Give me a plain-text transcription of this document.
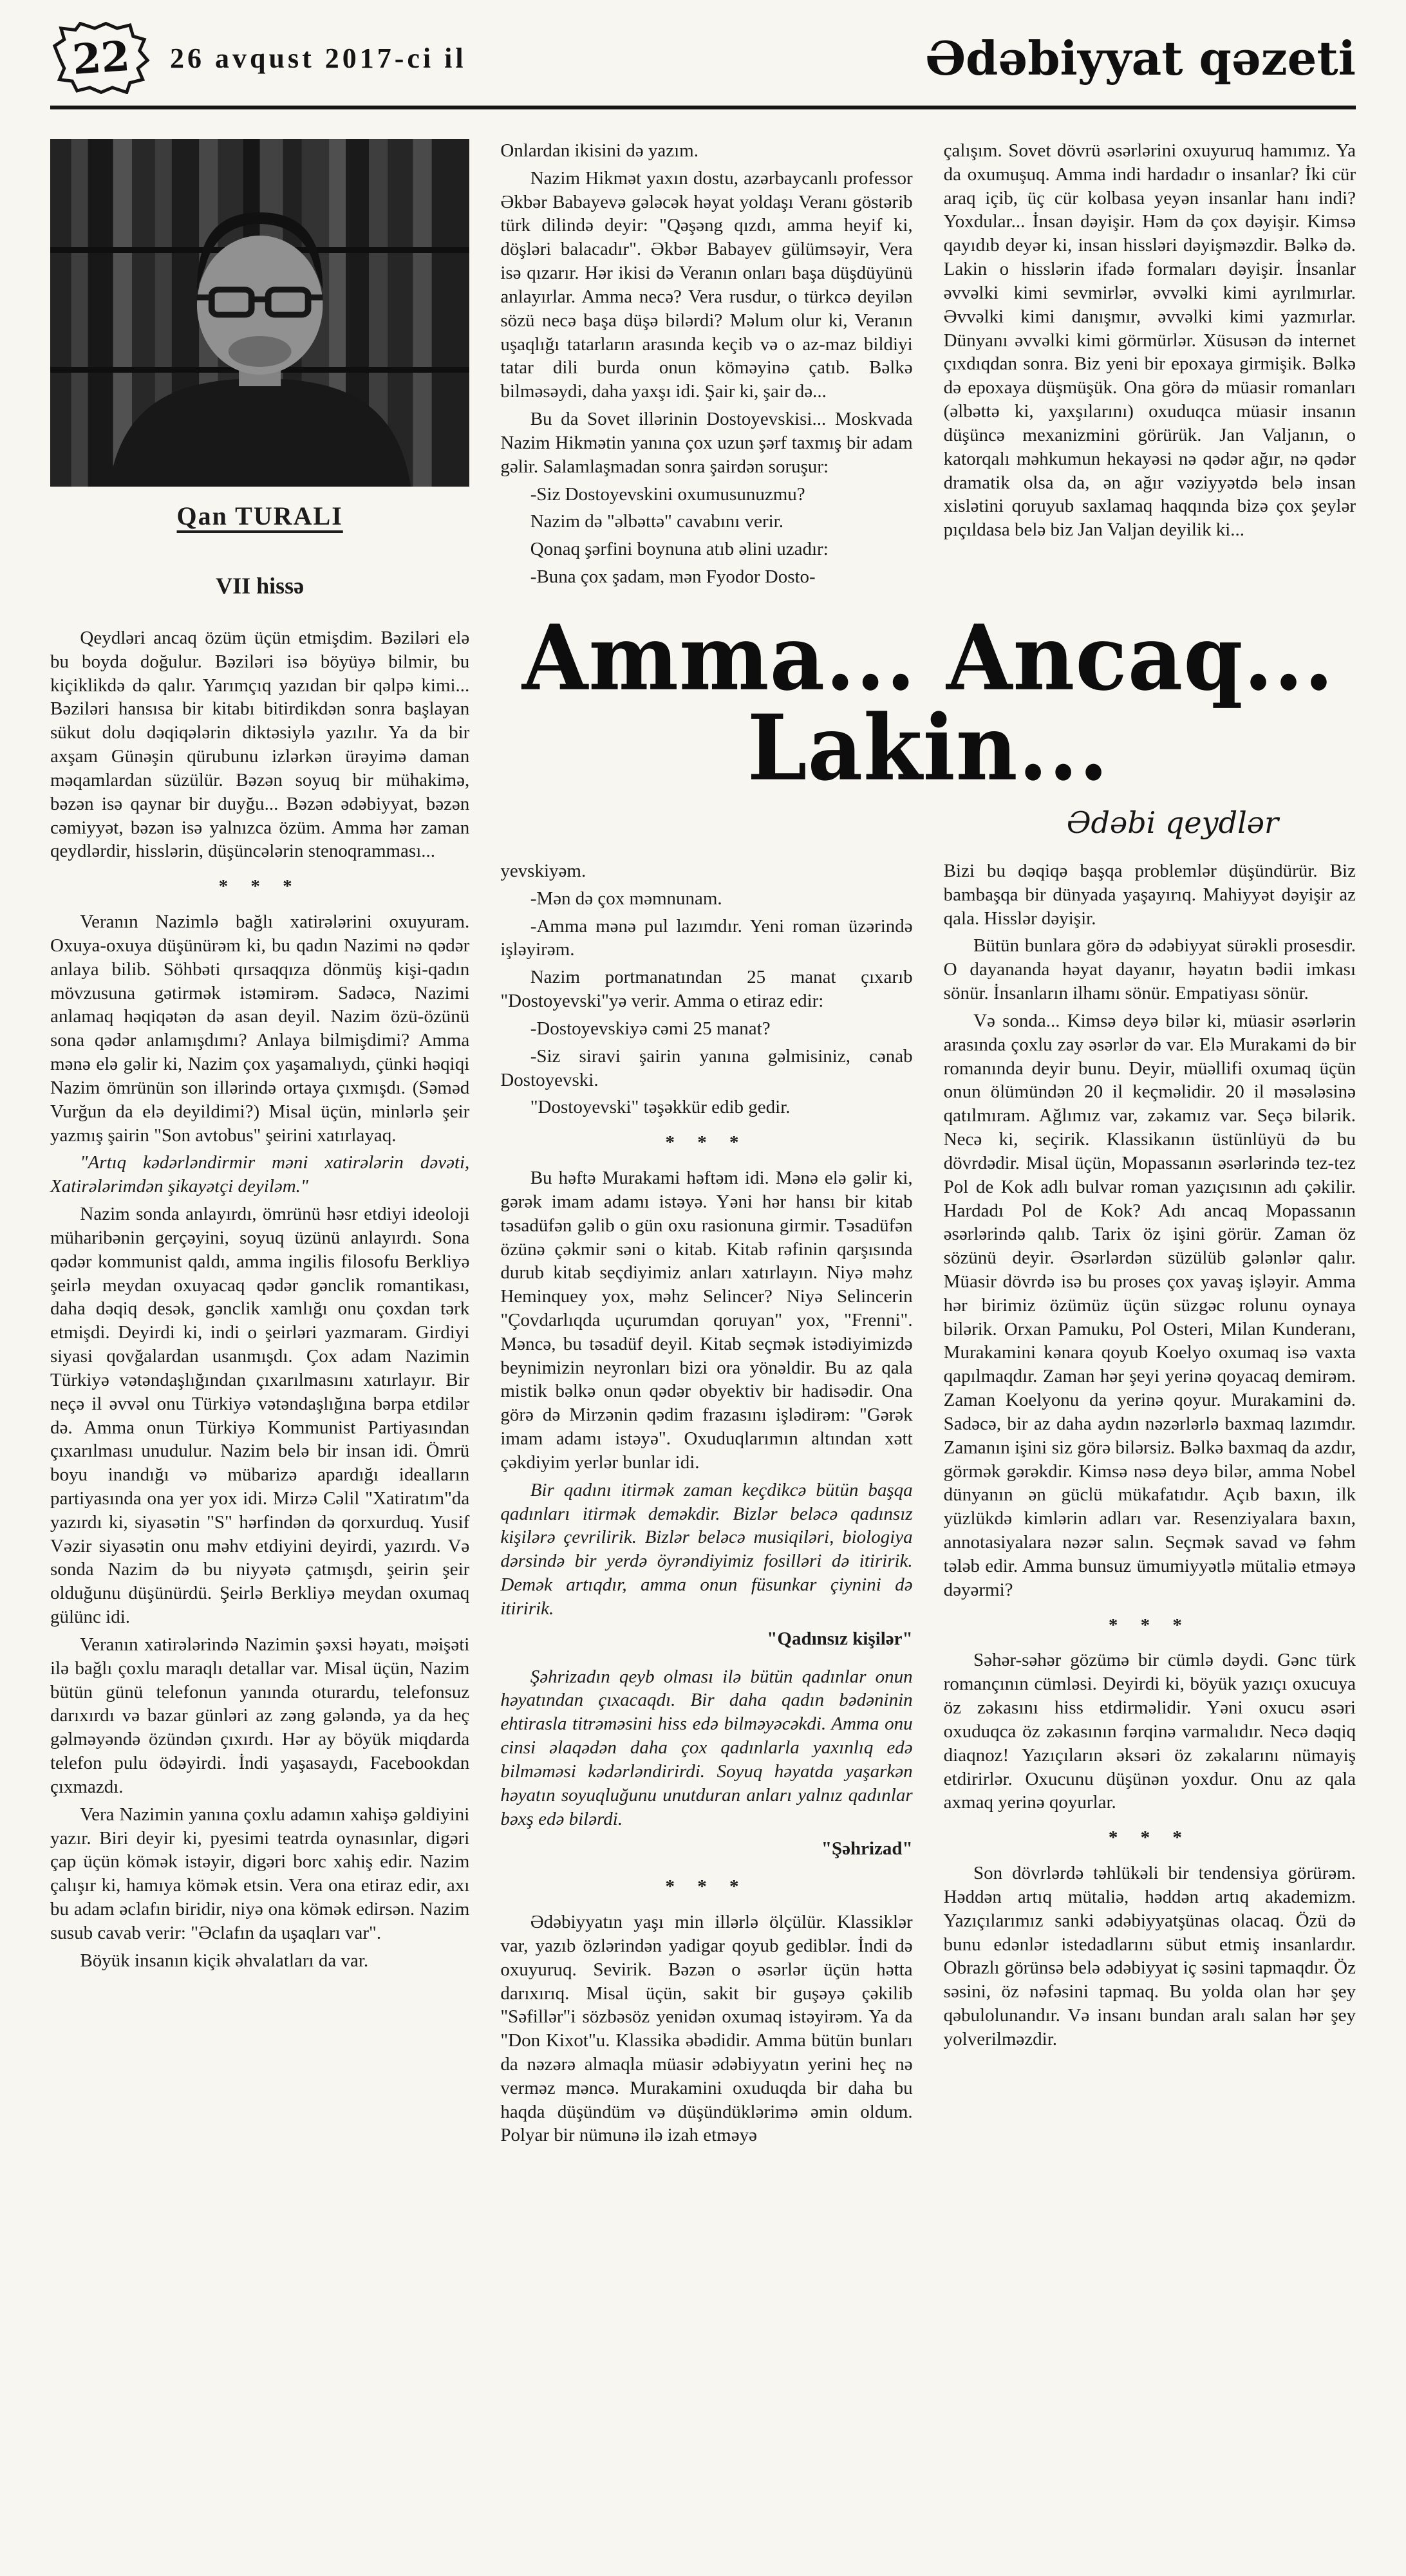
22	26 avqust 2017-ci il	Ədəbiyyat qəzeti
Qan TURALI
VII hissə

Qeydləri ancaq özüm üçün etmişdim. Bəziləri elə bu boyda doğulur. Bəziləri isə böyüyə bilmir, bu kiçiklikdə də qalır. Yarımçıq yazıdan bir qəlpə kimi... Bəziləri hansısa bir kitabı bitirdikdən sonra başlayan sükut dolu dəqiqələrin diktəsiylə yazılır. Ya da bir axşam Günəşin qürubunu izlərkən ürəyimə daman məqamlardan süzülür. Bəzən soyuq bir mühakimə, bəzən isə qaynar bir duyğu... Bəzən ədəbiyyat, bəzən cəmiyyət, bəzən isə yalnızca özüm. Amma hər zaman qeydlərdir, hisslərin, düşüncələrin stenoqramması...

* * *

Veranın Nazimlə bağlı xatirələrini oxuyuram. Oxuya-oxuya düşünürəm ki, bu qadın Nazimi nə qədər anlaya bilib. Söhbəti qırsaqqıza dönmüş kişi-qadın mövzusuna gətirmək istəmirəm. Sadəcə, Nazimi anlamaq həqiqətən də asan deyil. Nazim özü-özünü sona qədər anlamışdımı? Anlaya bilmişdimi? Amma mənə elə gəlir ki, Nazim çox yaşamalıydı, çünki həqiqi Nazim ömrünün son illərində ortaya çıxmışdı. (Səməd Vurğun da elə deyildimi?) Misal üçün, minlərlə şeir yazmış şairin "Son avtobus" şeirini xatırlayaq.

"Artıq kədərləndirmir məni xatirələrin dəvəti, Xatirələrimdən şikayətçi deyiləm."

Nazim sonda anlayırdı, ömrünü həsr etdiyi ideoloji müharibənin gerçəyini, soyuq üzünü anlayırdı. Sona qədər kommunist qaldı, amma ingilis filosofu Berkliyə şeirlə meydan oxuyacaq qədər gənclik romantikası, daha dəqiq desək, gənclik xamlığı onu çoxdan tərk etmişdi. Deyirdi ki, indi o şeirləri yazmaram. Girdiyi siyasi qovğalardan usanmışdı. Çox adam Nazimin Türkiyə vətəndaşlığından çıxarılmasını xatırlayır. Bir neçə il əvvəl onu Türkiyə vətəndaşlığına bərpa etdilər də. Amma onun Türkiyə Kommunist Partiyasından çıxarılması unudulur. Nazim belə bir insan idi. Ömrü boyu inandığı və mübarizə apardığı idealların partiyasında ona yer yox idi. Mirzə Cəlil "Xatiratım"da yazırdı ki, siyasətin "S" hərfindən də qorxurduq. Yusif Vəzir siyasətin onu məhv etdiyini deyirdi, yazırdı. Və sonda Nazim də bu niyyətə çatmışdı, şeirin şeir olduğunu düşünürdü. Şeirlə Berkliyə meydan oxumaq gülünc idi.

Veranın xatirələrində Nazimin şəxsi həyatı, məişəti ilə bağlı çoxlu maraqlı detallar var. Misal üçün, Nazim bütün günü telefonun yanında oturardu, telefonsuz darıxırdı və bazar günləri az zəng gələndə, ya da heç gəlməyəndə özündən çıxırdı. Hər ay böyük miqdarda telefon pulu ödəyirdi. İndi yaşasaydı, Facebookdan çıxmazdı.

Vera Nazimin yanına çoxlu adamın xahişə gəldiyini yazır. Biri deyir ki, pyesimi teatrda oynasınlar, digəri çap üçün kömək istəyir, digəri borc xahiş edir. Nazim çalışır ki, hamıya kömək etsin. Vera ona etiraz edir, axı bu adam əclafın biridir, niyə ona kömək edirsən. Nazim susub cavab verir: "Əclafın da uşaqları var".

Böyük insanın kiçik əhvalatları da var.

Onlardan ikisini də yazım.

Nazim Hikmət yaxın dostu, azərbaycanlı professor Əkbər Babayevə gələcək həyat yoldaşı Veranı göstərib türk dilində deyir: "Qəşəng qızdı, amma heyif ki, döşləri balacadır". Əkbər Babayev gülümsəyir, Vera isə qızarır. Hər ikisi də Veranın onları başa düşdüyünü anlayırlar. Amma necə? Vera rusdur, o türkcə deyilən sözü necə başa düşə bilərdi? Məlum olur ki, Veranın uşaqlığı tatarların arasında keçib və o az-maz bildiyi tatar dili burda onun köməyinə çatıb. Bəlkə bilməsəydi, daha yaxşı idi. Şair ki, şair də...

Bu da Sovet illərinin Dostoyevskisi... Moskvada Nazim Hikmətin yanına çox uzun şərf taxmış bir adam gəlir. Salamlaşmadan sonra şairdən soruşur:

-Siz Dostoyevskini oxumusunuzmu?

Nazim də "əlbəttə" cavabını verir.

Qonaq şərfini boynuna atıb əlini uzadır:

-Buna çox şadam, mən Fyodor Dosto-

çalışım. Sovet dövrü əsərlərini oxuyuruq hamımız. Ya da oxumuşuq. Amma indi hardadır o insanlar? İki cür araq içib, üç cür kolbasa yeyən insanlar hanı indi? Yoxdular... İnsan dəyişir. Həm də çox dəyişir. Kimsə qayıdıb deyər ki, insan hissləri dəyişməzdir. Bəlkə də. Lakin o hisslərin ifadə formaları dəyişir. İnsanlar əvvəlki kimi sevmirlər, əvvəlki kimi ayrılmırlar. Əvvəlki kimi danışmır, əvvəlki kimi yazmırlar. Dünyanı əvvəlki kimi görmürlər. Xüsusən də internet çıxdıqdan sonra. Biz yeni bir epoxaya girmişik. Bəlkə də epoxaya düşmüşük. Ona görə də müasir romanları (əlbəttə ki, yaxşılarını) oxuduqca müasir insanın düşüncə mexanizmini görürük. Jan Valjanın, o katorqalı məhkumun hekayəsi nə qədər ağır, nə qədər dramatik olsa da, ən ağır vəziyyətdə belə insan xislətini qoruyub saxlamaq haqqında bizə çox şeylər pıçıldasa belə biz Jan Valjan deyilik ki...

Amma... Ancaq... Lakin...
Ədəbi qeydlər

yevskiyəm.

-Mən də çox məmnunam.

-Amma mənə pul lazımdır. Yeni roman üzərində işləyirəm.

Nazim portmanatından 25 manat çıxarıb "Dostoyevski"yə verir. Amma o etiraz edir:

-Dostoyevskiyə cəmi 25 manat?

-Siz siravi şairin yanına gəlmisiniz, cənab Dostoyevski.

"Dostoyevski" təşəkkür edib gedir.

* * *

Bu həftə Murakami həftəm idi. Mənə elə gəlir ki, gərək imam adamı istəyə. Yəni hər hansı bir kitab təsadüfən gəlib o gün oxu rasionuna girmir. Təsadüfən özünə çəkmir səni o kitab. Kitab rəfinin qarşısında durub kitab seçdiyimiz anları xatırlayın. Niyə məhz Heminquey yox, məhz Selincer? Niyə Selincerin "Çovdarlıqda uçurumdan qoruyan" yox, "Frenni". Məncə, bu təsadüf deyil. Kitab seçmək istədiyimizdə beynimizin neyronları bizi ora yönəldir. Bu az qala mistik bəlkə onun qədər obyektiv bir hadisədir. Ona görə də Mirzənin qədim frazasını işlədirəm: "Gərək imam adamı istəyə". Oxuduqlarımın altından xətt çəkdiyim yerlər bunlar idi.

Bir qadını itirmək zaman keçdikcə bütün başqa qadınları itirmək deməkdir. Bizlər beləcə qadınsız kişilərə çevrilirik. Bizlər beləcə musiqiləri, biologiya dərsində bir yerdə öyrəndiyimiz fosilləri də itiririk. Demək artıqdır, amma onun füsunkar çiynini də itiririk.

"Qadınsız kişilər"

Şəhrizadın qeyb olması ilə bütün qadınlar onun həyatından çıxacaqdı. Bir daha qadın bədəninin ehtirasla titrəməsini hiss edə bilməyəcəkdi. Amma onu cinsi əlaqədən daha çox qadınlarla yaxınlıq edə bilməməsi kədərləndirirdi. Soyuq həyatda yaşarkən həyatın soyuqluğunu unutduran anları yalnız qadınlar bəxş edə bilərdi.

"Şəhrizad"

* * *

Ədəbiyyatın yaşı min illərlə ölçülür. Klassiklər var, yazıb özlərindən yadigar qoyub gediblər. İndi də oxuyuruq. Sevirik. Bəzən o əsərlər üçün hətta darıxırıq. Misal üçün, sakit bir guşəyə çəkilib "Səfillər"i sözbəsöz yenidən oxumaq istəyirəm. Ya da "Don Kixot"u. Klassika əbədidir. Amma bütün bunları da nəzərə almaqla müasir ədəbiyyatın yerini heç nə verməz məncə. Murakamini oxuduqda bir daha bu haqda düşündüm və düşündüklərimə əmin oldum. Polyar bir nümunə ilə izah etməyə

Bizi bu dəqiqə başqa problemlər düşündürür. Biz bambaşqa bir dünyada yaşayırıq. Mahiyyət dəyişir az qala. Hisslər dəyişir.

Bütün bunlara görə də ədəbiyyat sürəkli prosesdir. O dayananda həyat dayanır, həyatın bədii imkası sönür. İnsanların ilhamı sönür. Empatiyası sönür.

Və sonda... Kimsə deyə bilər ki, müasir əsərlərin arasında çoxlu zay əsərlər də var. Elə Murakami də bir romanında deyir bunu. Deyir, müəllifi oxumaq üçün onun ölümündən 20 il keçməlidir. 20 il məsələsinə qatılmıram. Ağlımız var, zəkamız var. Seçə bilərik. Necə ki, seçirik. Klassikanın üstünlüyü də bu dövrdədir. Misal üçün, Mopassanın əsərlərində tez-tez Pol de Kok adlı bulvar roman yazıçısının adı çəkilir. Hardadı Pol de Kok? Adı ancaq Mopassanın əsərlərində qalıb. Tarix öz işini görür. Zaman öz sözünü deyir. Əsərlərdən süzülüb gələnlər qalır. Müasir dövrdə isə bu proses çox yavaş işləyir. Amma hər birimiz özümüz üçün süzgəc rolunu oynaya bilərik. Orxan Pamuku, Pol Osteri, Milan Kunderanı, Murakamini kənara qoyub Koelyo oxumaq isə vaxta qapılmaqdır. Zaman hər şeyi yerinə qoyacaq demirəm. Zaman Koelyonu da yerinə qoyur. Murakamini də. Sadəcə, bir az daha aydın nəzərlərlə baxmaq lazımdır. Zamanın işini siz görə bilərsiz. Bəlkə baxmaq da azdır, görmək gərəkdir. Kimsə nəsə deyə bilər, amma Nobel dünyanın ən güclü mükafatıdır. Açıb baxın, ilk yüzlükdə kimlərin adları var. Resenziyalara baxın, annotasiyalara nəzər salın. Seçmək savad və fəhm tələb edir. Amma bunsuz ümumiyyətlə mütaliə etməyə dəyərmi?

* * *

Səhər-səhər gözümə bir cümlə dəydi. Gənc türk romançının cümləsi. Deyirdi ki, böyük yazıçı oxucuya öz zəkasını hiss etdirməlidir. Yəni oxucu əsəri oxuduqca öz zəkasının fərqinə varmalıdır. Necə dəqiq diaqnoz! Yazıçıların əksəri öz zəkalarını nümayiş etdirirlər. Oxucunu düşünən yoxdur. Onu az qala axmaq yerinə qoyurlar.

* * *

Son dövrlərdə təhlükəli bir tendensiya görürəm. Həddən artıq mütaliə, həddən artıq akademizm. Yazıçılarımız sanki ədəbiyyatşünas olacaq. Özü də bunu edənlər istedadlarını sübut etmiş insanlardır. Obrazlı görünsə belə ədəbiyyat iç səsini tapmaqdır. Öz səsini, öz nəfəsini tapmaq. Bu yolda olan hər şey qəbulolunandır. Və insanı bundan aralı salan hər şey yolverilməzdir.
